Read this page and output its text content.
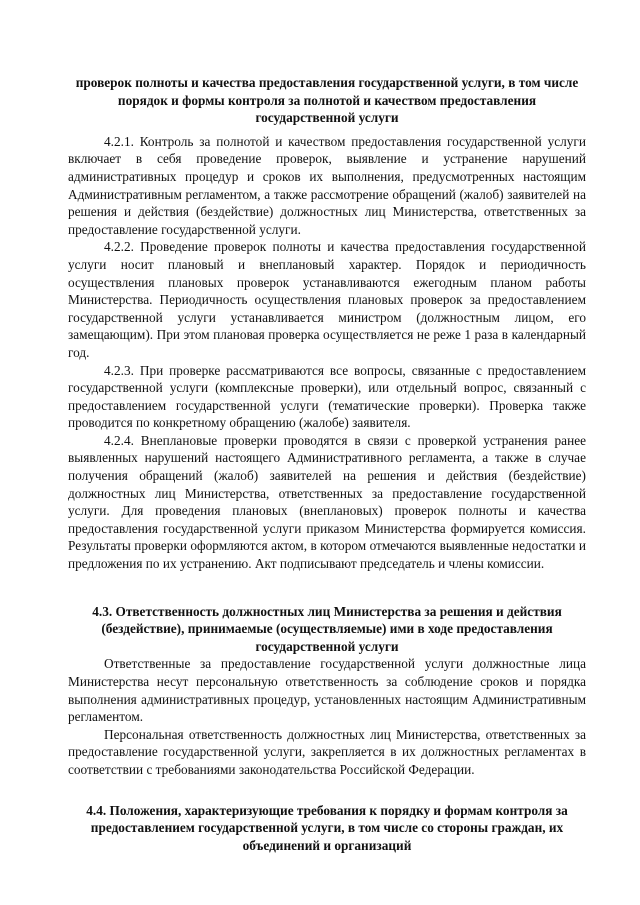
проверок полноты и качества предоставления государственной услуги, в том числе порядок и формы контроля за полнотой и качеством предоставления государственной услуги

4.2.1. Контроль за полнотой и качеством предоставления государственной услуги включает в себя проведение проверок, выявление и устранение нарушений административных процедур и сроков их выполнения, предусмотренных настоящим Административным регламентом, а также рассмотрение обращений (жалоб) заявителей на решения и действия (бездействие) должностных лиц Министерства, ответственных за предоставление государственной услуги.

4.2.2. Проведение проверок полноты и качества предоставления государственной услуги носит плановый и внеплановый характер. Порядок и периодичность осуществления плановых проверок устанавливаются ежегодным планом работы Министерства. Периодичность осуществления плановых проверок за предоставлением государственной услуги устанавливается министром (должностным лицом, его замещающим). При этом плановая проверка осуществляется не реже 1 раза в календарный год.

4.2.3. При проверке рассматриваются все вопросы, связанные с предоставлением государственной услуги (комплексные проверки), или отдельный вопрос, связанный с предоставлением государственной услуги (тематические проверки). Проверка также проводится по конкретному обращению (жалобе) заявителя.

4.2.4. Внеплановые проверки проводятся в связи с проверкой устранения ранее выявленных нарушений настоящего Административного регламента, а также в случае получения обращений (жалоб) заявителей на решения и действия (бездействие) должностных лиц Министерства, ответственных за предоставление государственной услуги. Для проведения плановых (внеплановых) проверок полноты и качества предоставления государственной услуги приказом Министерства формируется комиссия. Результаты проверки оформляются актом, в котором отмечаются выявленные недостатки и предложения по их устранению. Акт подписывают председатель и члены комиссии.

4.3. Ответственность должностных лиц Министерства за решения и действия (бездействие), принимаемые (осуществляемые) ими в ходе предоставления государственной услуги

Ответственные за предоставление государственной услуги должностные лица Министерства несут персональную ответственность за соблюдение сроков и порядка выполнения административных процедур, установленных настоящим Административным регламентом.

Персональная ответственность должностных лиц Министерства, ответственных за предоставление государственной услуги, закрепляется в их должностных регламентах в соответствии с требованиями законодательства Российской Федерации.

4.4. Положения, характеризующие требования к порядку и формам контроля за предоставлением государственной услуги, в том числе со стороны граждан, их объединений и организаций
